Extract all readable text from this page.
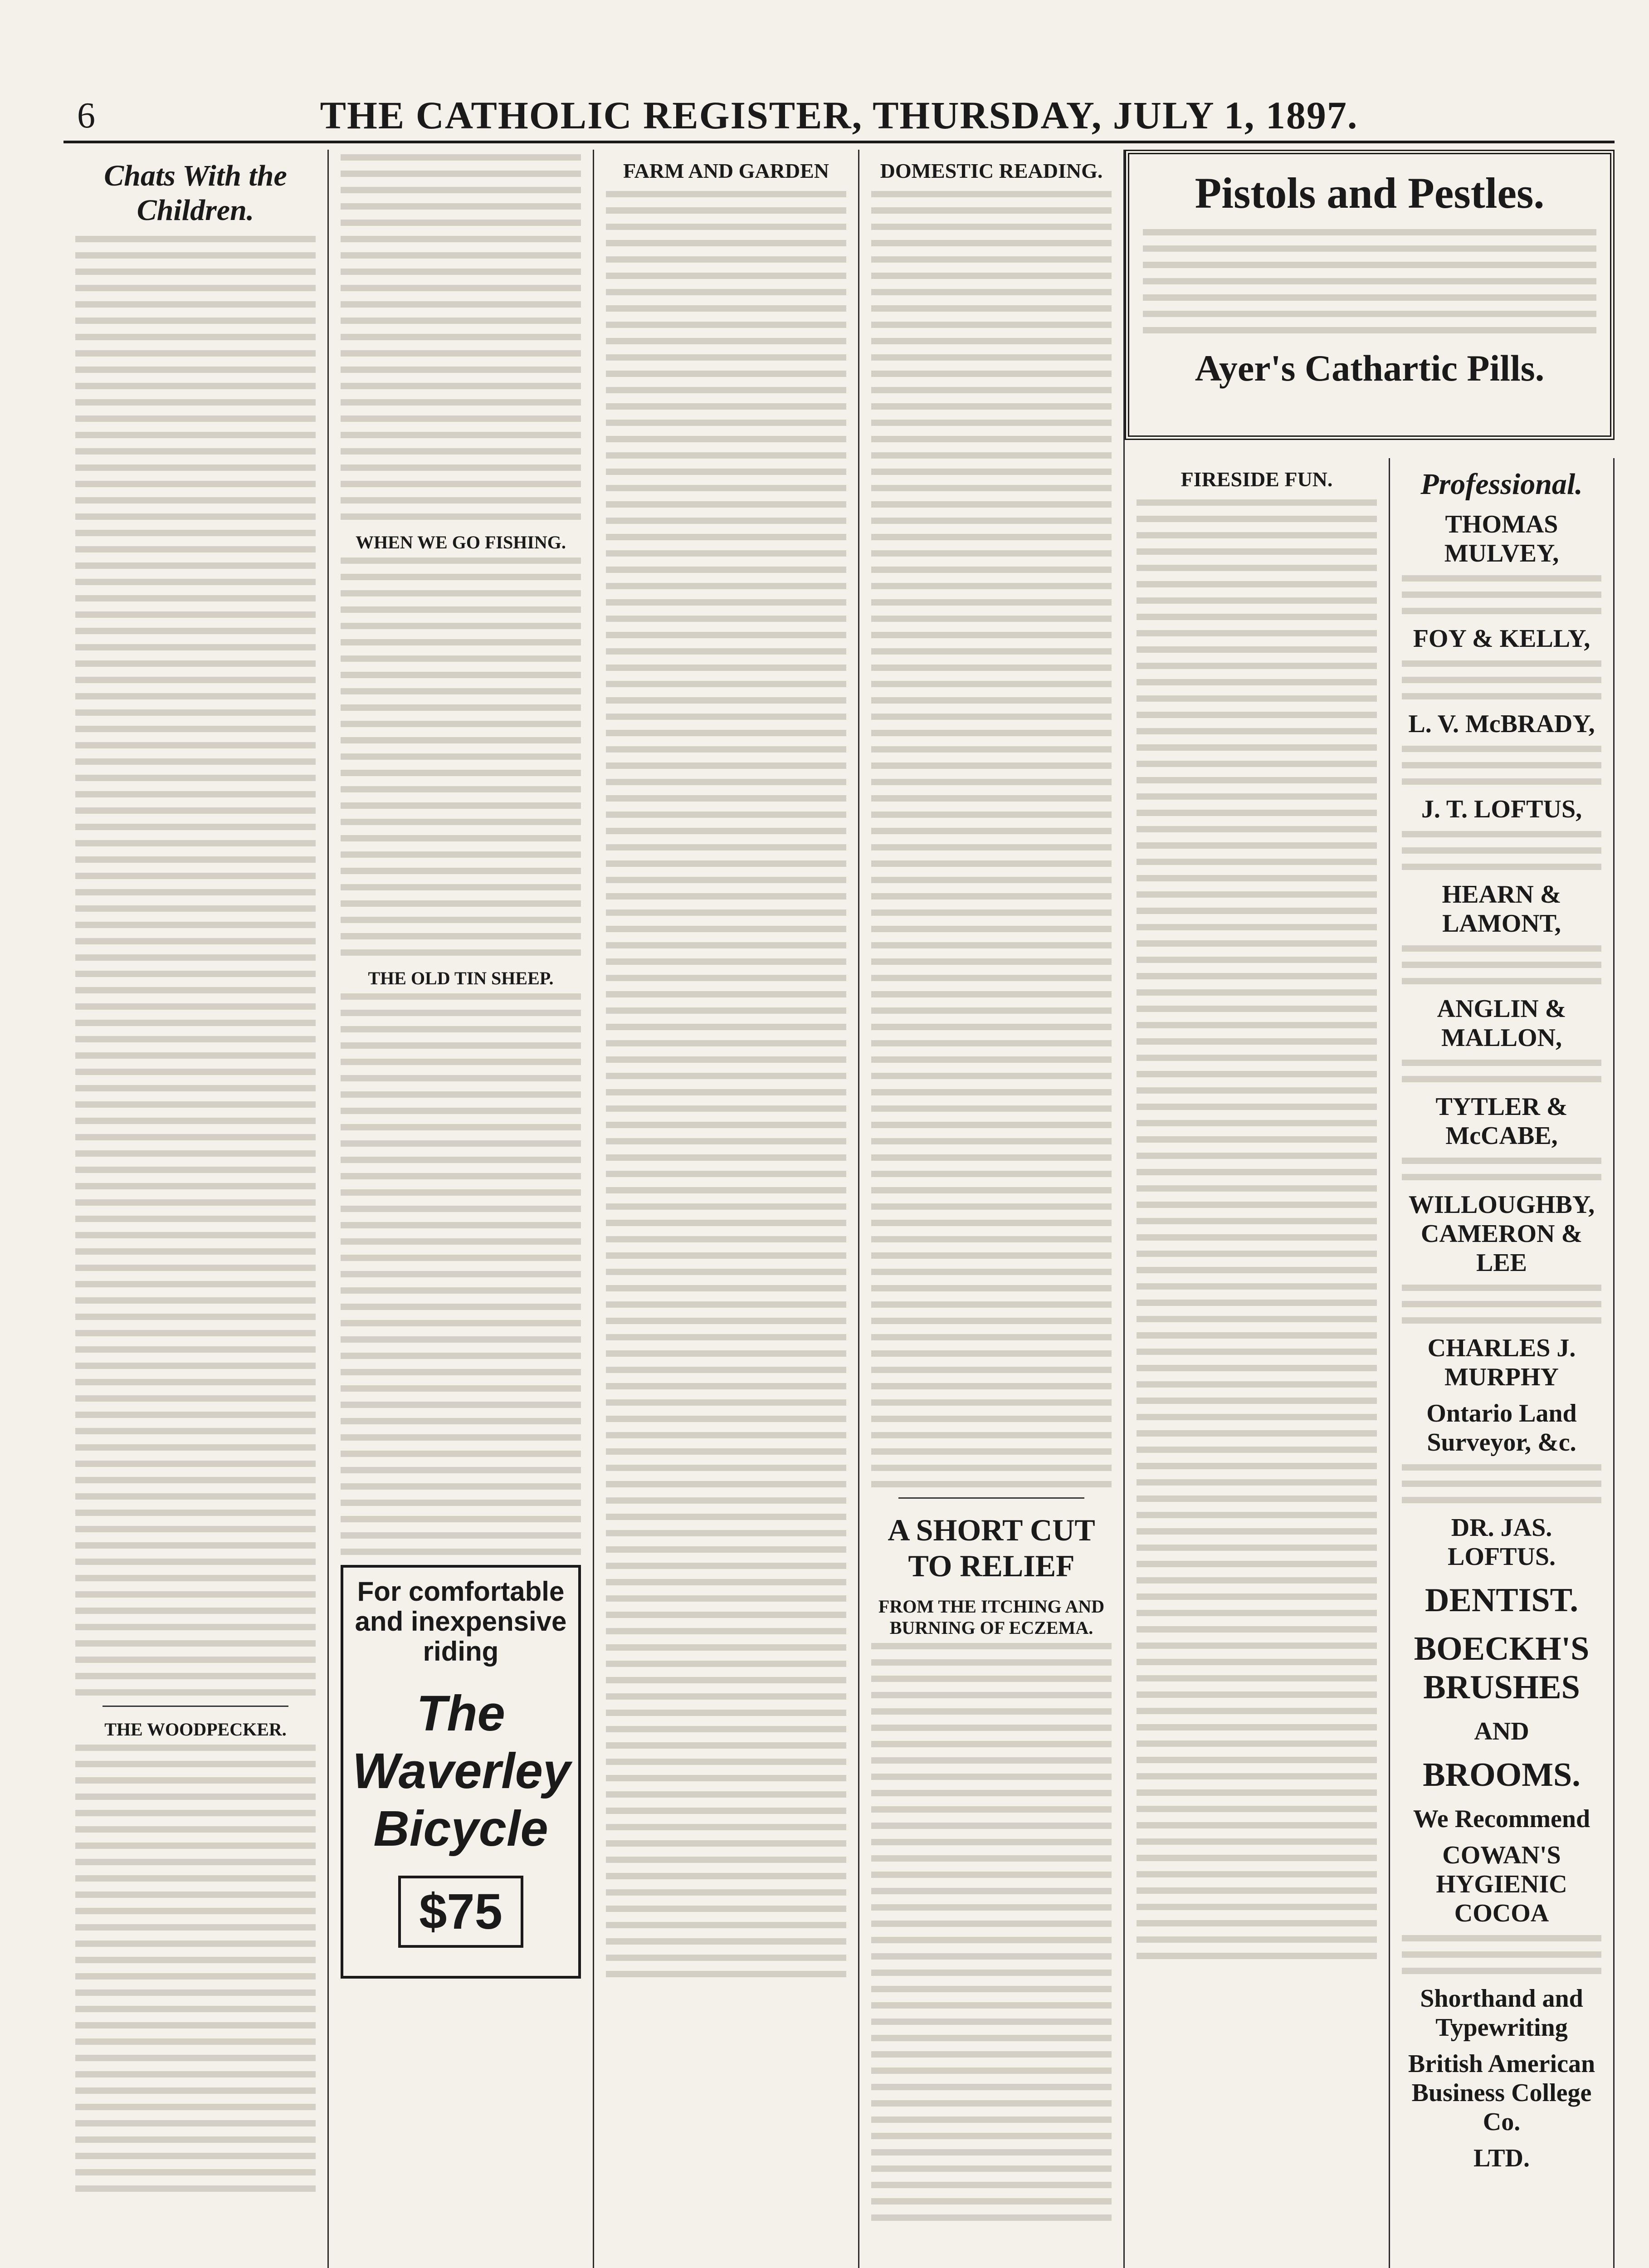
6	THE CATHOLIC REGISTER, THURSDAY, JULY 1, 1897.
Chats With the Children.
THE WOODPECKER.
WHEN WE GO FISHING.
THE OLD TIN SHEEP.
For comfortable and inexpensive riding
The Waverley Bicycle
$75
FARM AND GARDEN	DOMESTIC READING.
A SHORT CUT TO RELIEF
FROM THE ITCHING AND BURNING OF ECZEMA.
Pistols and Pestles.
Ayer's Cathartic Pills.
FIRESIDE FUN.	Professional.
THOMAS MULVEY,
FOY & KELLY,
L. V. McBRADY,
J. T. LOFTUS,
HEARN & LAMONT,
ANGLIN & MALLON,
TYTLER & McCABE,
WILLOUGHBY, CAMERON & LEE
CHARLES J. MURPHY
Ontario Land Surveyor, &c.
DR. JAS. LOFTUS.
DENTIST.
BOECKH'S BRUSHES
AND
BROOMS.
We Recommend
COWAN'S HYGIENIC COCOA
Shorthand and Typewriting
British American Business College Co.
LTD.
